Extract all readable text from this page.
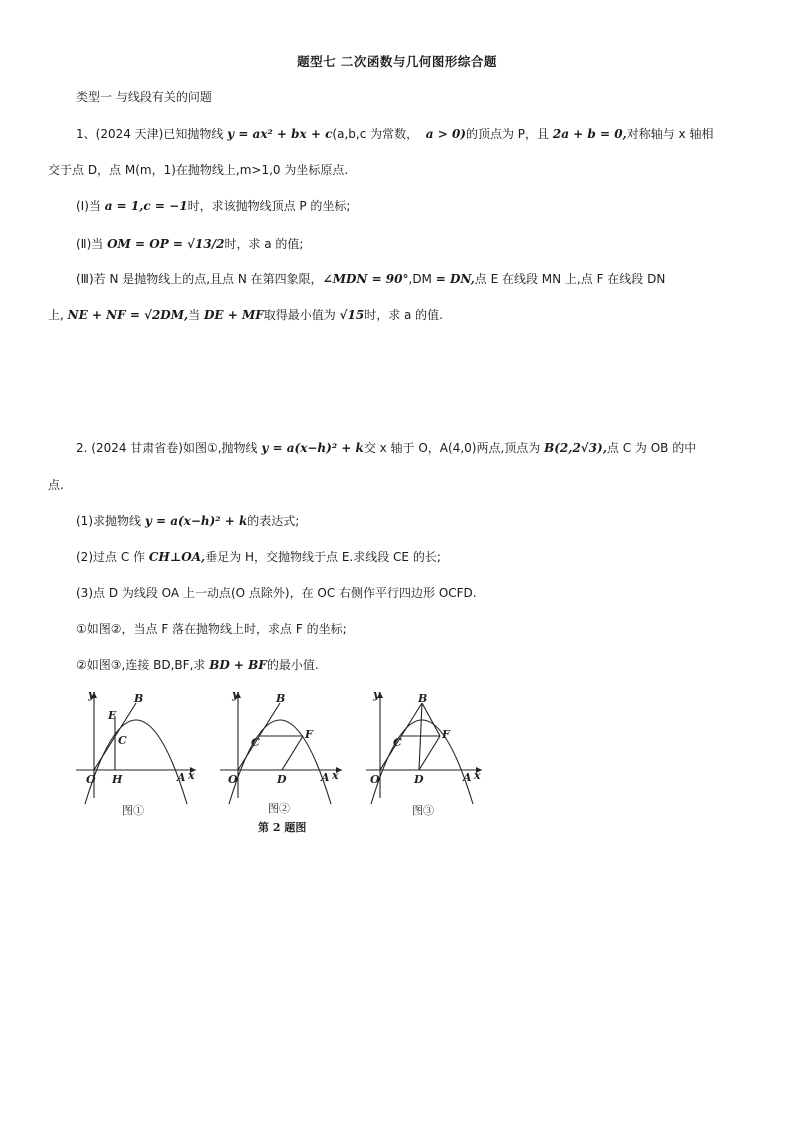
题型七 二次函数与几何图形综合题
类型一 与线段有关的问题
1、(2024 天津)已知抛物线 y = ax² + bx + c(a,b,c 为常数， a > 0)的顶点为 P，且 2a + b = 0,对称轴与 x 轴相
交于点 D，点 M(m，1)在抛物线上,m>1,0 为坐标原点.
(Ⅰ)当 a = 1,c = −1时，求该抛物线顶点 P 的坐标;
(Ⅱ)当 OM = OP = √13/2时，求 a 的值;
(Ⅲ)若 N 是抛物线上的点,且点 N 在第四象限，∠MDN = 90°,DM = DN,点 E 在线段 MN 上,点 F 在线段 DN
上, NE + NF = √2DM,当 DE + MF取得最小值为 √15时，求 a 的值.
2. (2024 甘肃省卷)如图①,抛物线 y = a(x−h)² + k交 x 轴于 O，A(4,0)两点,顶点为 B(2,2√3),点 C 为 OB 的中
点.
(1)求抛物线 y = a(x−h)² + k的表达式;
(2)过点 C 作 CH⊥OA,垂足为 H，交抛物线于点 E.求线段 CE 的长;
(3)点 D 为线段 OA 上一动点(O 点除外)，在 OC 右侧作平行四边形 OCFD.
①如图②，当点 F 落在抛物线上时，求点 F 的坐标;
②如图③,连接 BD,BF,求 BD + BF的最小值.
y
O	A x
B
E
C
H
y
O	A x
B
C
F
D
y
O	A x
B
C
F
D
图①	图②	图③
第 2 题图
